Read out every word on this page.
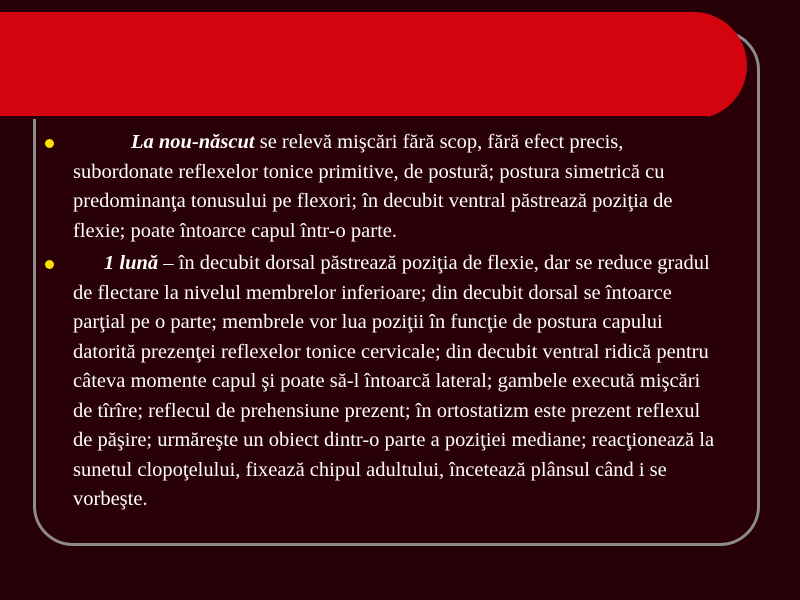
La nou-născut se relevă mişcări fără scop, fără efect precis, subordonate reflexelor tonice primitive, de postură; postura simetrică cu predominanţa tonusului pe flexori; în decubit ventral păstrează poziţia de flexie; poate întoarce capul într-o parte.
1 lună – în decubit dorsal păstrează poziţia de flexie, dar se reduce gradul de flectare la nivelul membrelor inferioare; din decubit dorsal se întoarce parţial pe o parte; membrele vor lua poziţii în funcţie de postura capului datorită prezenţei reflexelor tonice cervicale; din decubit ventral ridică pentru câteva momente capul şi poate să-l întoarcă lateral; gambele execută mişcări de tîrîre; reflecul de prehensiune prezent; în ortostatizm este prezent reflexul de păşire; urmăreşte un obiect dintr-o parte a poziţiei mediane; reacţionează la sunetul clopoţelului, fixează chipul adultului, încetează plânsul când i se vorbeşte.
